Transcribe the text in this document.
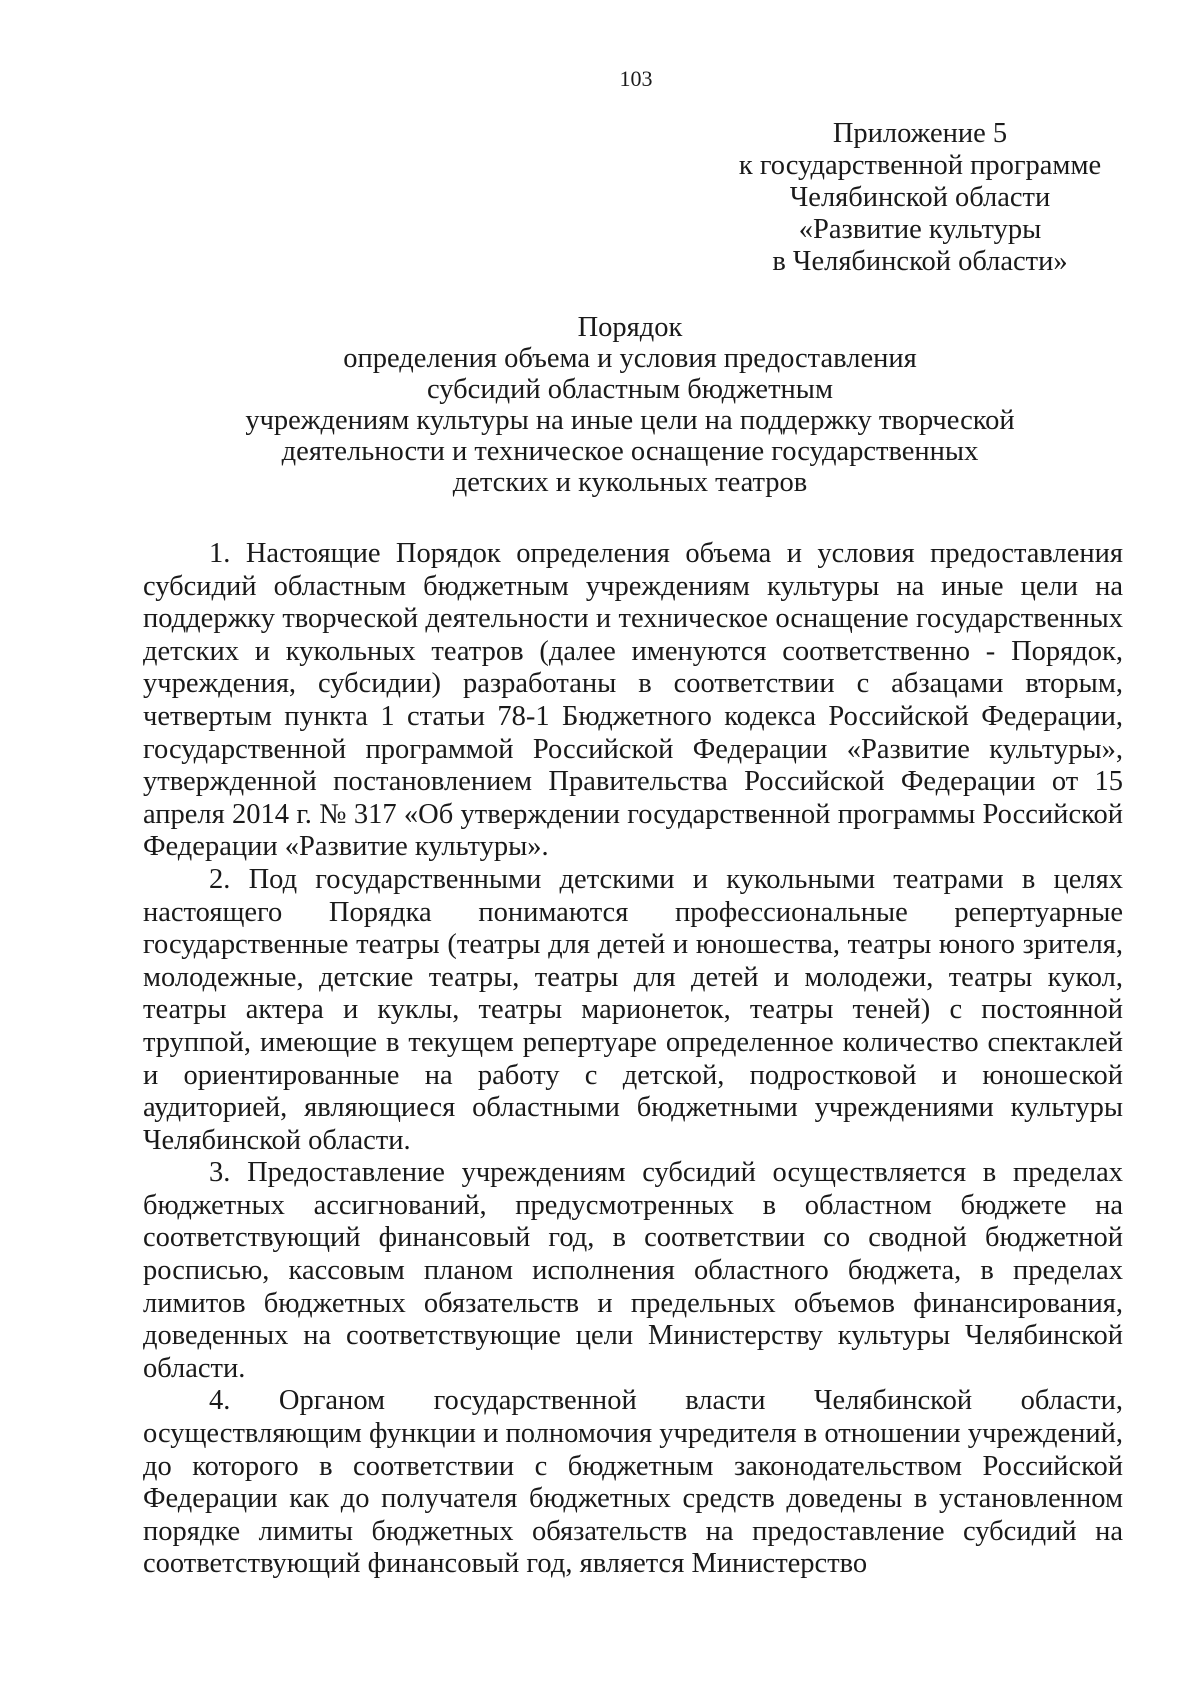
103
Приложение 5
к государственной программе
Челябинской области
«Развитие культуры
в Челябинской области»
Порядок
определения объема и условия предоставления
субсидий областным бюджетным
учреждениям культуры на иные цели на поддержку творческой
деятельности и техническое оснащение государственных
детских и кукольных театров

1. Настоящие Порядок определения объема и условия предоставления субсидий областным бюджетным учреждениям культуры на иные цели на поддержку творческой деятельности и техническое оснащение государственных детских и кукольных театров (далее именуются соответственно - Порядок, учреждения, субсидии) разработаны в соответствии с абзацами вторым, четвертым пункта 1 статьи 78-1 Бюджетного кодекса Российской Федерации, государственной программой Российской Федерации «Развитие культуры», утвержденной постановлением Правительства Российской Федерации от 15 апреля 2014 г. № 317 «Об утверждении государственной программы Российской Федерации «Развитие культуры».

2. Под государственными детскими и кукольными театрами в целях настоящего Порядка понимаются профессиональные репертуарные государственные театры (театры для детей и юношества, театры юного зрителя, молодежные, детские театры, театры для детей и молодежи, театры кукол, театры актера и куклы, театры марионеток, театры теней) с постоянной труппой, имеющие в текущем репертуаре определенное количество спектаклей и ориентированные на работу с детской, подростковой и юношеской аудиторией, являющиеся областными бюджетными учреждениями культуры Челябинской области.

3. Предоставление учреждениям субсидий осуществляется в пределах бюджетных ассигнований, предусмотренных в областном бюджете на соответствующий финансовый год, в соответствии со сводной бюджетной росписью, кассовым планом исполнения областного бюджета, в пределах лимитов бюджетных обязательств и предельных объемов финансирования, доведенных на соответствующие цели Министерству культуры Челябинской области.

4. Органом государственной власти Челябинской области, осуществляющим функции и полномочия учредителя в отношении учреждений, до которого в соответствии с бюджетным законодательством Российской Федерации как до получателя бюджетных средств доведены в установленном порядке лимиты бюджетных обязательств на предоставление субсидий на соответствующий финансовый год, является Министерство
